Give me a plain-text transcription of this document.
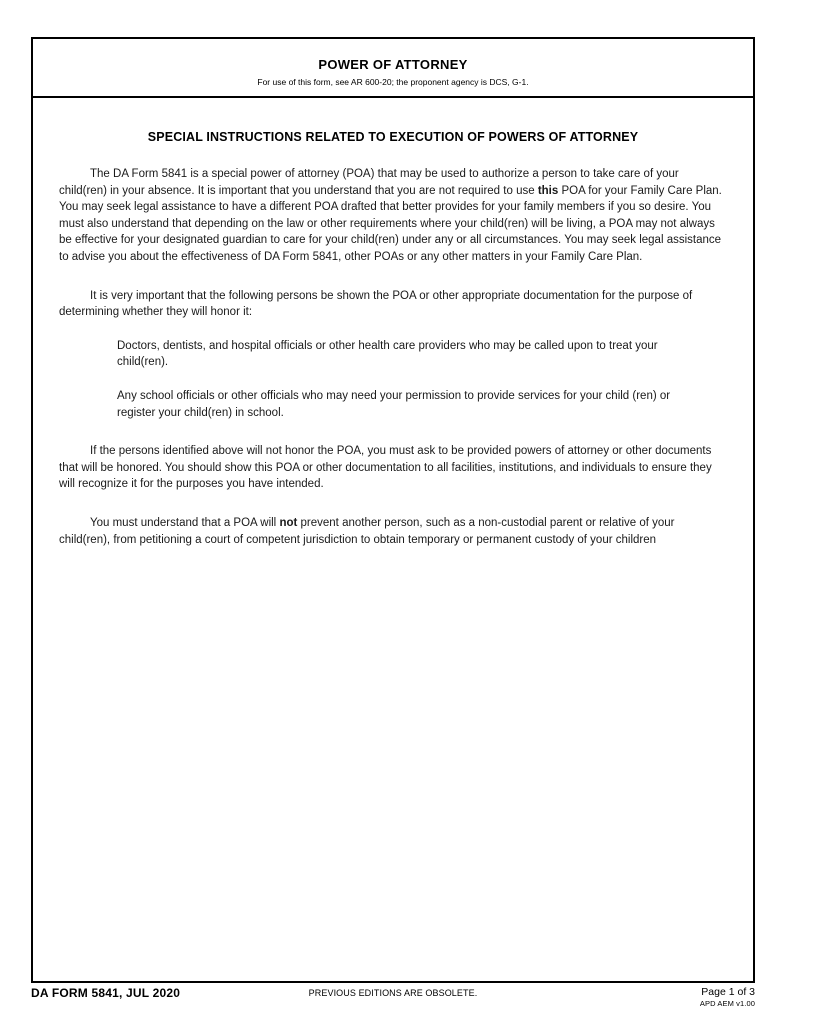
POWER OF ATTORNEY
For use of this form, see AR 600-20; the proponent agency is DCS, G-1.
SPECIAL INSTRUCTIONS RELATED TO EXECUTION OF POWERS OF ATTORNEY

The DA Form 5841 is a special power of attorney (POA) that may be used to authorize a person to take care of your child(ren) in your absence. It is important that you understand that you are not required to use this POA for your Family Care Plan. You may seek legal assistance to have a different POA drafted that better provides for your family members if you so desire. You must also understand that depending on the law or other requirements where your child(ren) will be living, a POA may not always be effective for your designated guardian to care for your child(ren) under any or all circumstances. You may seek legal assistance to advise you about the effectiveness of DA Form 5841, other POAs or any other matters in your Family Care Plan.

It is very important that the following persons be shown the POA or other appropriate documentation for the purpose of determining whether they will honor it:

Doctors, dentists, and hospital officials or other health care providers who may be called upon to treat your child(ren).

Any school officials or other officials who may need your permission to provide services for your child (ren) or register your child(ren) in school.

If the persons identified above will not honor the POA, you must ask to be provided powers of attorney or other documents that will be honored. You should show this POA or other documentation to all facilities, institutions, and individuals to ensure they will recognize it for the purposes you have intended.

You must understand that a POA will not prevent another person, such as a non-custodial parent or relative of your child(ren), from petitioning a court of competent jurisdiction to obtain temporary or permanent custody of your children

DA FORM 5841, JUL 2020	PREVIOUS EDITIONS ARE OBSOLETE.	Page 1 of 3
APD AEM v1.00
